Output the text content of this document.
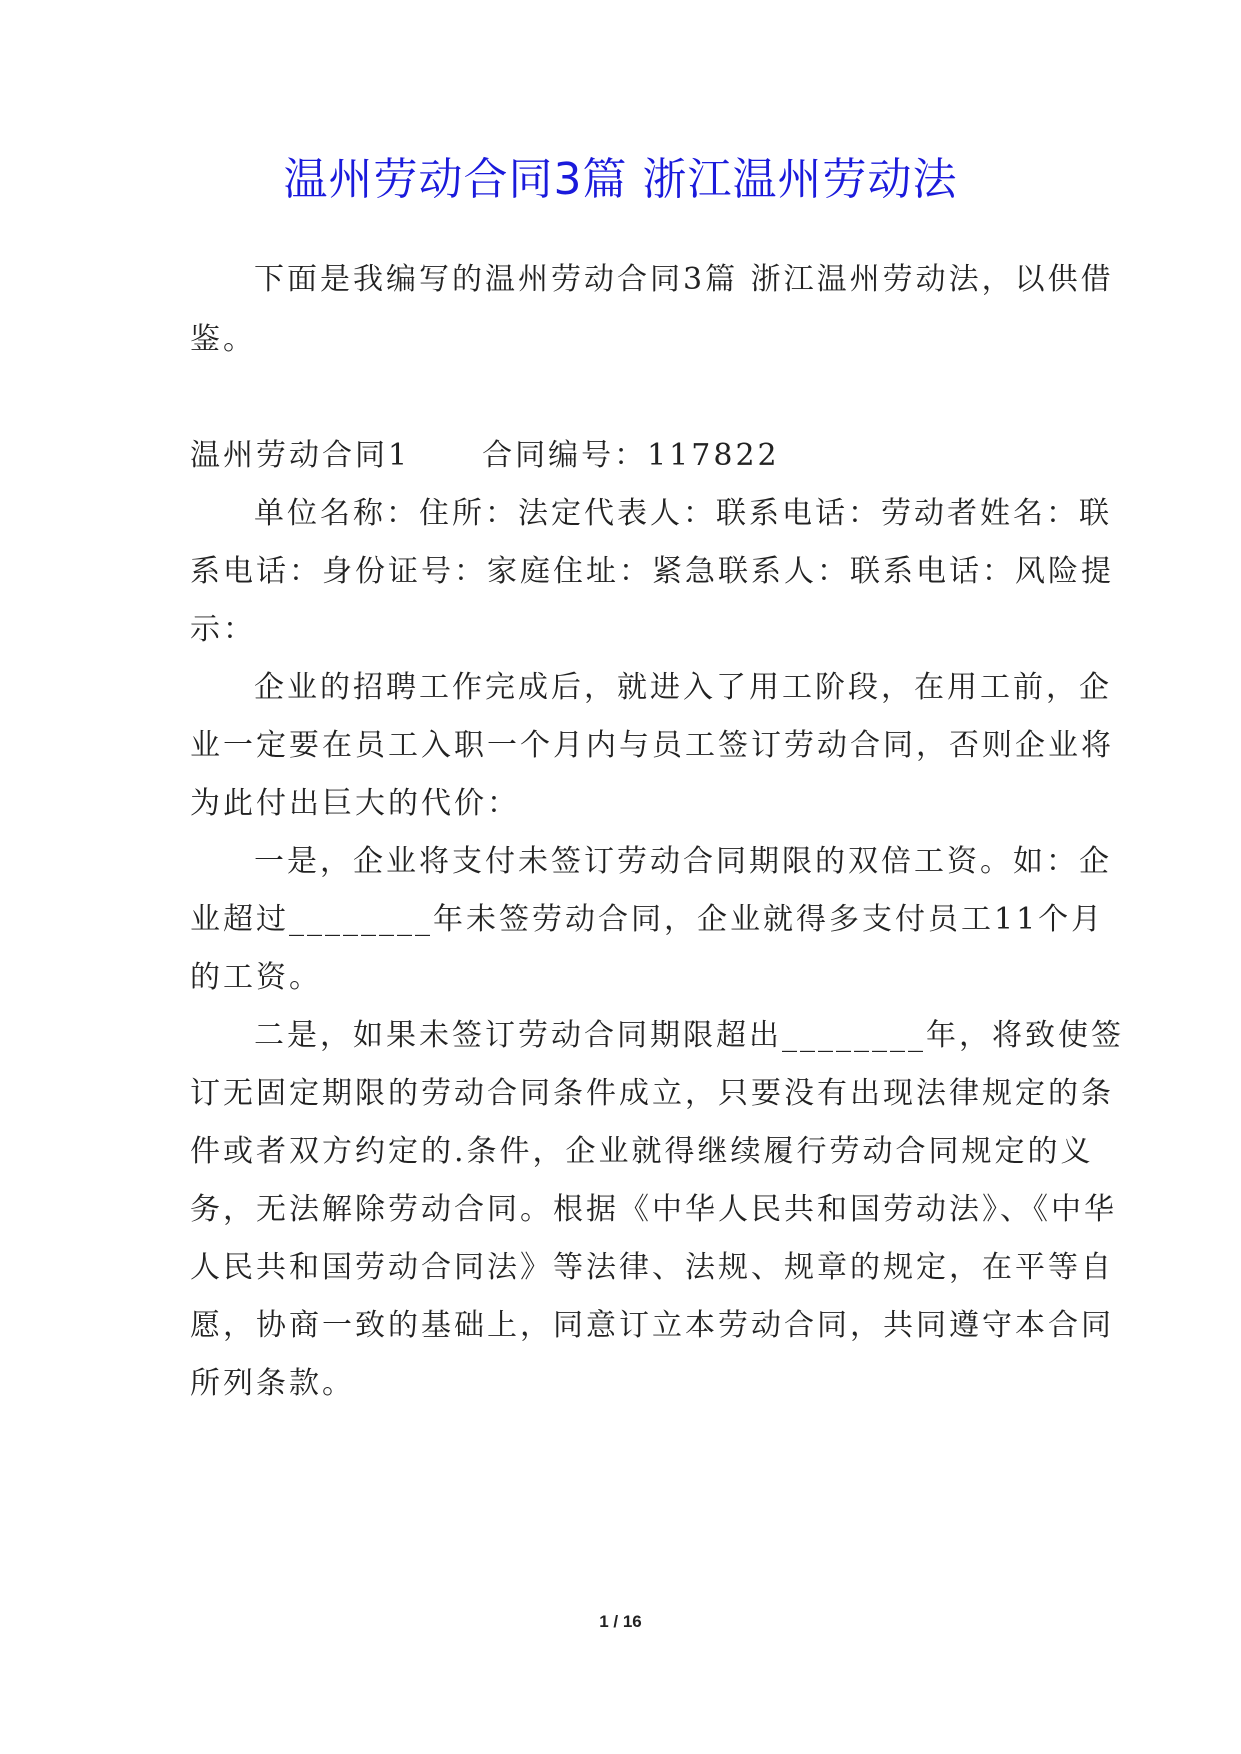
温州劳动合同3篇 浙江温州劳动法
下面是我编写的温州劳动合同3篇 浙江温州劳动法，以供借
鉴。
温州劳动合同1 合同编号：117822
单位名称：住所：法定代表人：联系电话：劳动者姓名：联
系电话：身份证号：家庭住址：紧急联系人：联系电话：风险提
示：
企业的招聘工作完成后，就进入了用工阶段，在用工前，企
业一定要在员工入职一个月内与员工签订劳动合同，否则企业将
为此付出巨大的代价：
一是，企业将支付未签订劳动合同期限的双倍工资。如：企
业超过________年未签劳动合同，企业就得多支付员工11个月
的工资。
二是，如果未签订劳动合同期限超出________年，将致使签
订无固定期限的劳动合同条件成立，只要没有出现法律规定的条
件或者双方约定的.条件，企业就得继续履行劳动合同规定的义
务，无法解除劳动合同。根据《中华人民共和国劳动法》、《中华
人民共和国劳动合同法》等法律、法规、规章的规定，在平等自
愿，协商一致的基础上，同意订立本劳动合同，共同遵守本合同
所列条款。
1 / 16
